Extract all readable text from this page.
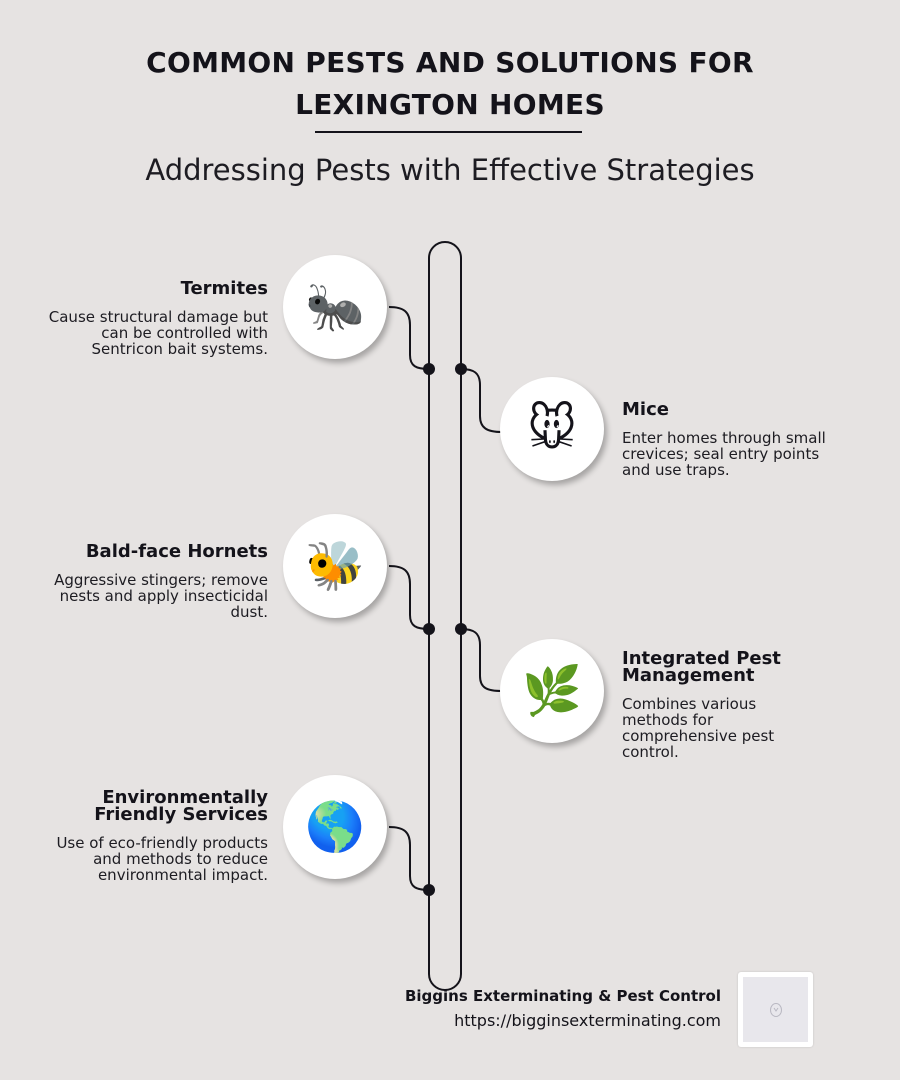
COMMON PESTS AND SOLUTIONS FOR
LEXINGTON HOMES
Addressing Pests with Effective Strategies
🐜
Termites
Cause structural damage but can be controlled with Sentricon bait systems.
🐭	Mice
Enter homes through small crevices; seal entry points and use traps.
🐝
Bald-face Hornets
Aggressive stingers; remove nests and apply insecticidal dust.
🌿
Integrated Pest Management
Combines various methods for comprehensive pest control.
🌎
Environmentally Friendly Services
Use of eco-friendly products and methods to reduce environmental impact.
Biggins Exterminating & Pest Control
https://bigginsexterminating.com
